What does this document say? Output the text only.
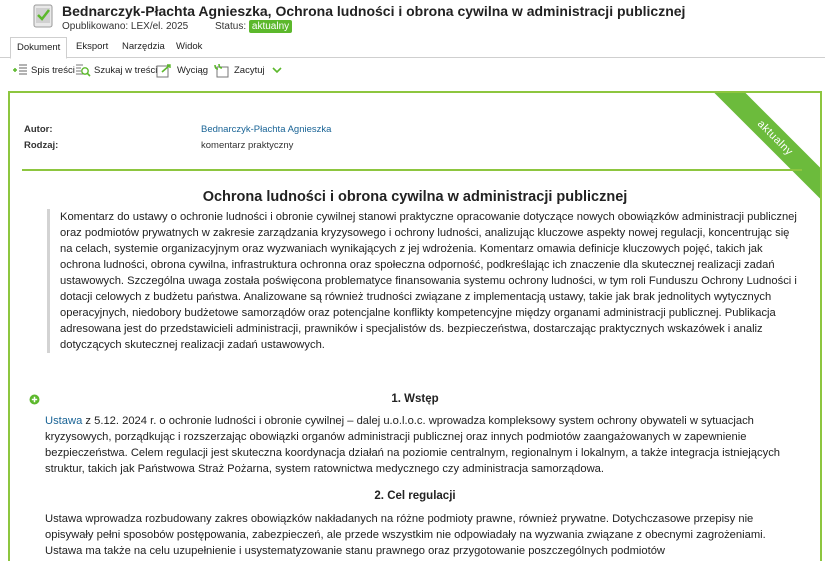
Bednarczyk-Płachta Agnieszka, Ochrona ludności i obrona cywilna w administracji publicznej
Opublikowano: LEX/el. 2025	Status: aktualny
Dokument	Eksport	Narzędzia	Widok
Spis treści Szukaj w treści Wyciąg	Zacytuj
aktualny
Autor:	Bednarczyk-Płachta Agnieszka
Rodzaj:	komentarz praktyczny
Ochrona ludności i obrona cywilna w administracji publicznej
Komentarz do ustawy o ochronie ludności i obronie cywilnej stanowi praktyczne opracowanie dotyczące nowych obowiązków administracji publicznej oraz podmiotów prywatnych w zakresie zarządzania kryzysowego i ochrony ludności, analizując kluczowe aspekty nowej regulacji, koncentrując się na celach, systemie organizacyjnym oraz wyzwaniach wynikających z jej wdrożenia. Komentarz omawia definicje kluczowych pojęć, takich jak ochrona ludności, obrona cywilna, infrastruktura ochronna oraz społeczna odporność, podkreślając ich znaczenie dla skutecznej realizacji zadań ustawowych. Szczególna uwaga została poświęcona problematyce finansowania systemu ochrony ludności, w tym roli Funduszu Ochrony Ludności i dotacji celowych z budżetu państwa. Analizowane są również trudności związane z implementacją ustawy, takie jak brak jednolitych wytycznych operacyjnych, niedobory budżetowe samorządów oraz potencjalne konflikty kompetencyjne między organami administracji publicznej. Publikacja adresowana jest do przedstawicieli administracji, prawników i specjalistów ds. bezpieczeństwa, dostarczając praktycznych wskazówek i analiz dotyczących skutecznej realizacji zadań ustawowych.
1. Wstęp
Ustawa z 5.12. 2024 r. o ochronie ludności i obronie cywilnej – dalej u.o.l.o.c. wprowadza kompleksowy system ochrony obywateli w sytuacjach kryzysowych, porządkując i rozszerzając obowiązki organów administracji publicznej oraz innych podmiotów zaangażowanych w zapewnienie bezpieczeństwa. Celem regulacji jest skuteczna koordynacja działań na poziomie centralnym, regionalnym i lokalnym, a także integracja istniejących struktur, takich jak Państwowa Straż Pożarna, system ratownictwa medycznego czy administracja samorządowa.
2. Cel regulacji
Ustawa wprowadza rozbudowany zakres obowiązków nakładanych na różne podmioty prawne, również prywatne. Dotychczasowe przepisy nie opisywały pełni sposobów postępowania, zabezpieczeń, ale przede wszystkim nie odpowiadały na wyzwania związane z obecnymi zagrożeniami. Ustawa ma także na celu uzupełnienie i usystematyzowanie stanu prawnego oraz przygotowanie poszczególnych podmiotów
